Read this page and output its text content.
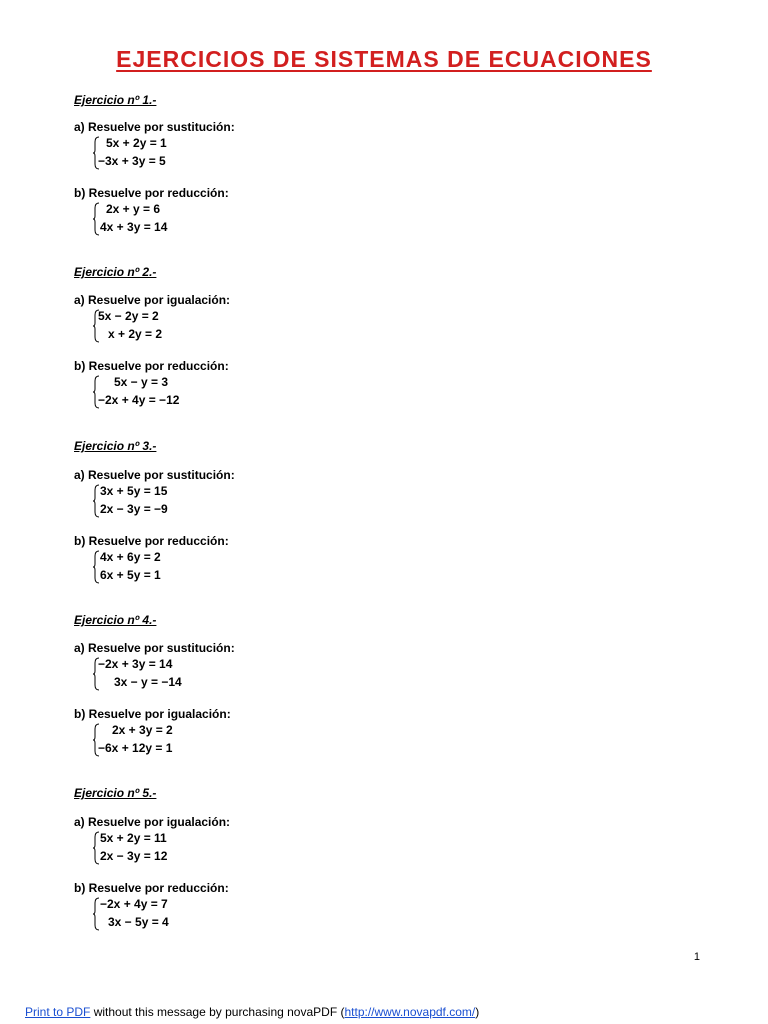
EJERCICIOS DE SISTEMAS DE ECUACIONES
Ejercicio nº 1.-
a) Resuelve por sustitución:
5x + 2y = 1
−3x + 3y = 5
b) Resuelve por reducción:
2x + y = 6
4x + 3y = 14
Ejercicio nº 2.-
a) Resuelve por igualación:
5x − 2y = 2
x + 2y = 2
b) Resuelve por reducción:
5x − y = 3
−2x + 4y = −12
Ejercicio nº 3.-
a) Resuelve por sustitución:
3x + 5y = 15
2x − 3y = −9
b) Resuelve por reducción:
4x + 6y = 2
6x + 5y = 1
Ejercicio nº 4.-
a) Resuelve por sustitución:
−2x + 3y = 14
3x − y = −14
b) Resuelve por igualación:
2x + 3y = 2
−6x + 12y = 1
Ejercicio nº 5.-
a) Resuelve por igualación:
5x + 2y = 11
2x − 3y = 12
b) Resuelve por reducción:
−2x + 4y = 7
3x − 5y = 4
1
Print to PDF without this message by purchasing novaPDF (http://www.novapdf.com/)
